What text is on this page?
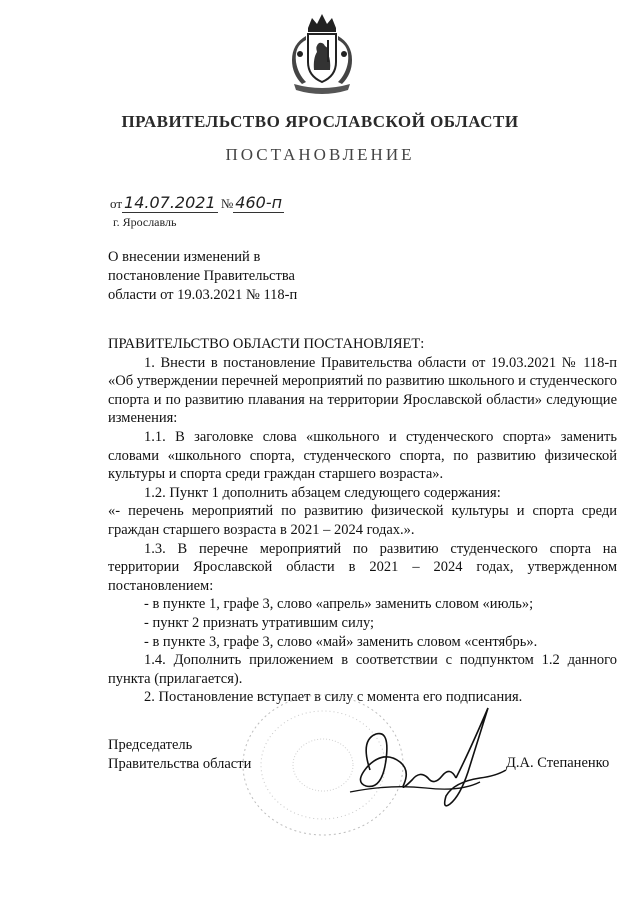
ПРАВИТЕЛЬСТВО ЯРОСЛАВСКОЙ ОБЛАСТИ
ПОСТАНОВЛЕНИЕ
от 14.07.2021 № 460-п
г. Ярославль
О внесении изменений в
постановление Правительства
области от 19.03.2021 № 118-п

ПРАВИТЕЛЬСТВО ОБЛАСТИ ПОСТАНОВЛЯЕТ:

1. Внести в постановление Правительства области от 19.03.2021 № 118-п «Об утверждении перечней мероприятий по развитию школьного и студенческого спорта и по развитию плавания на территории Ярославской области» следующие изменения:

1.1. В заголовке слова «школьного и студенческого спорта» заменить словами «школьного спорта, студенческого спорта, по развитию физической культуры и спорта среди граждан старшего возраста».

1.2. Пункт 1 дополнить абзацем следующего содержания:

«- перечень мероприятий по развитию физической культуры и спорта среди граждан старшего возраста в 2021 – 2024 годах.».

1.3. В перечне мероприятий по развитию студенческого спорта на территории Ярославской области в 2021 – 2024 годах, утвержденном постановлением:

- в пункте 1, графе 3, слово «апрель» заменить словом «июль»;

- пункт 2 признать утратившим силу;

- в пункте 3, графе 3, слово «май» заменить словом «сентябрь».

1.4. Дополнить приложением в соответствии с подпунктом 1.2 данного пункта (прилагается).

2. Постановление вступает в силу с момента его подписания.

Председатель
Правительства области	Д.А. Степаненко
